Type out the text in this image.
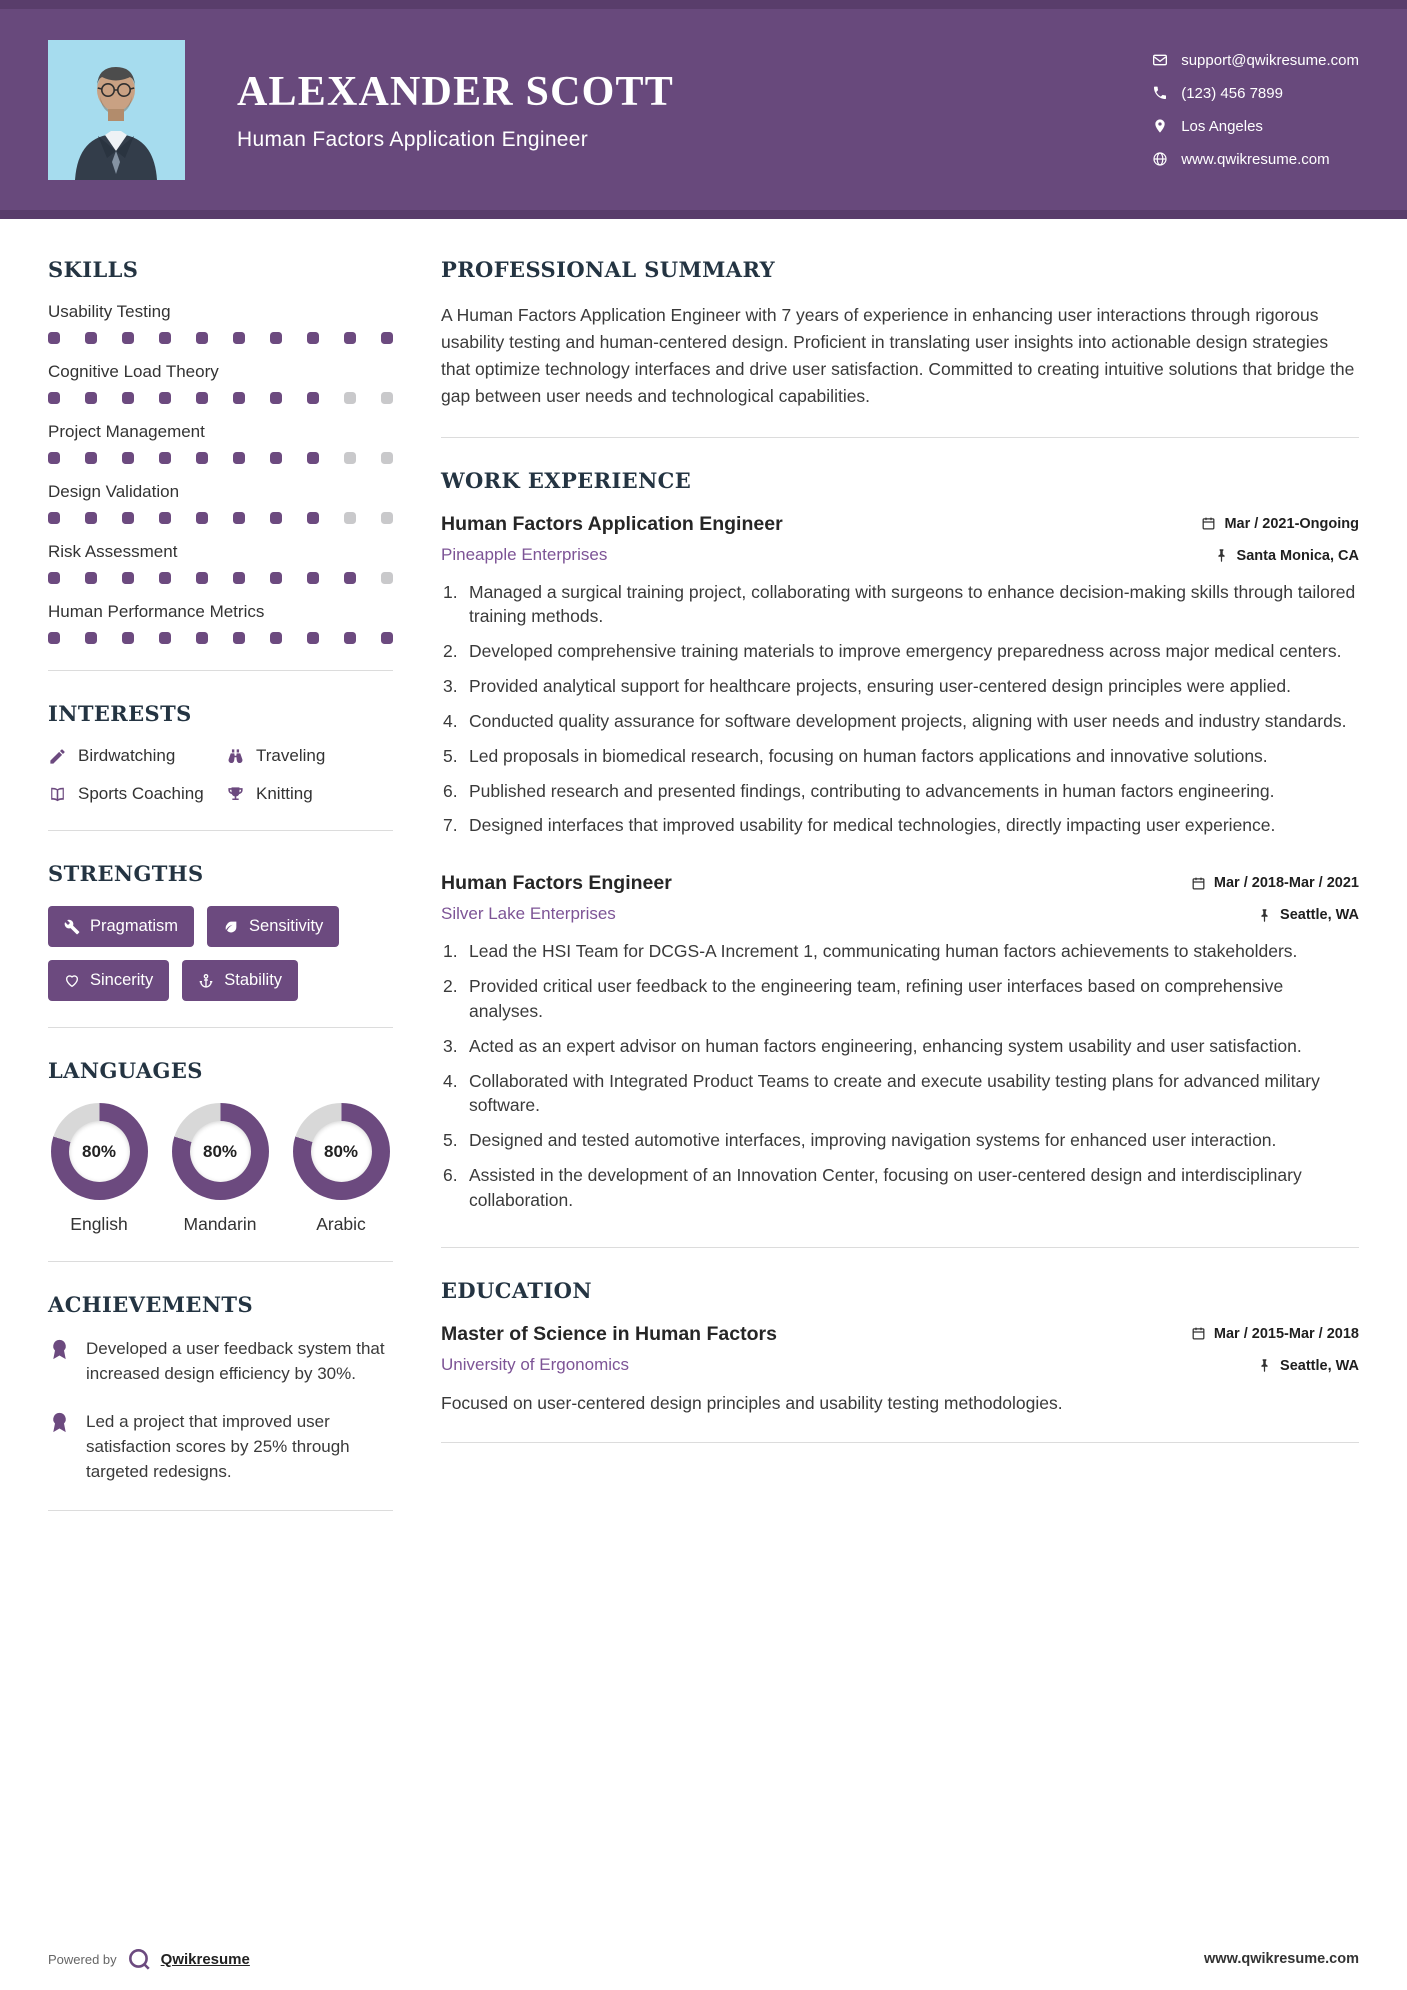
ALEXANDER SCOTT
Human Factors Application Engineer
support@qwikresume.com
(123) 456 7899
Los Angeles
www.qwikresume.com
SKILLS
Usability Testing
Cognitive Load Theory
Project Management
Design Validation
Risk Assessment
Human Performance Metrics
INTERESTS
Birdwatching	Traveling
Sports Coaching	Knitting
STRENGTHS
Pragmatism	Sensitivity
Sincerity	Stability
LANGUAGES
80%
English
80%
Mandarin
80%
Arabic
ACHIEVEMENTS
Developed a user feedback system that increased design efficiency by 30%.
Led a project that improved user satisfaction scores by 25% through targeted redesigns.
PROFESSIONAL SUMMARY

A Human Factors Application Engineer with 7 years of experience in enhancing user interactions through rigorous usability testing and human-centered design. Proficient in translating user insights into actionable design strategies that optimize technology interfaces and drive user satisfaction. Committed to creating intuitive solutions that bridge the gap between user needs and technological capabilities.

WORK EXPERIENCE
Human Factors Application Engineer	Mar / 2021-Ongoing
Pineapple Enterprises	Santa Monica, CA
Managed a surgical training project, collaborating with surgeons to enhance decision-making skills through tailored training methods.
Developed comprehensive training materials to improve emergency preparedness across major medical centers.
Provided analytical support for healthcare projects, ensuring user-centered design principles were applied.
Conducted quality assurance for software development projects, aligning with user needs and industry standards.
Led proposals in biomedical research, focusing on human factors applications and innovative solutions.
Published research and presented findings, contributing to advancements in human factors engineering.
Designed interfaces that improved usability for medical technologies, directly impacting user experience.
Human Factors Engineer	Mar / 2018-Mar / 2021
Silver Lake Enterprises	Seattle, WA
Lead the HSI Team for DCGS-A Increment 1, communicating human factors achievements to stakeholders.
Provided critical user feedback to the engineering team, refining user interfaces based on comprehensive analyses.
Acted as an expert advisor on human factors engineering, enhancing system usability and user satisfaction.
Collaborated with Integrated Product Teams to create and execute usability testing plans for advanced military software.
Designed and tested automotive interfaces, improving navigation systems for enhanced user interaction.
Assisted in the development of an Innovation Center, focusing on user-centered design and interdisciplinary collaboration.
EDUCATION
Master of Science in Human Factors	Mar / 2015-Mar / 2018
University of Ergonomics	Seattle, WA

Focused on user-centered design principles and usability testing methodologies.

Powered by	Qwikresume	www.qwikresume.com
